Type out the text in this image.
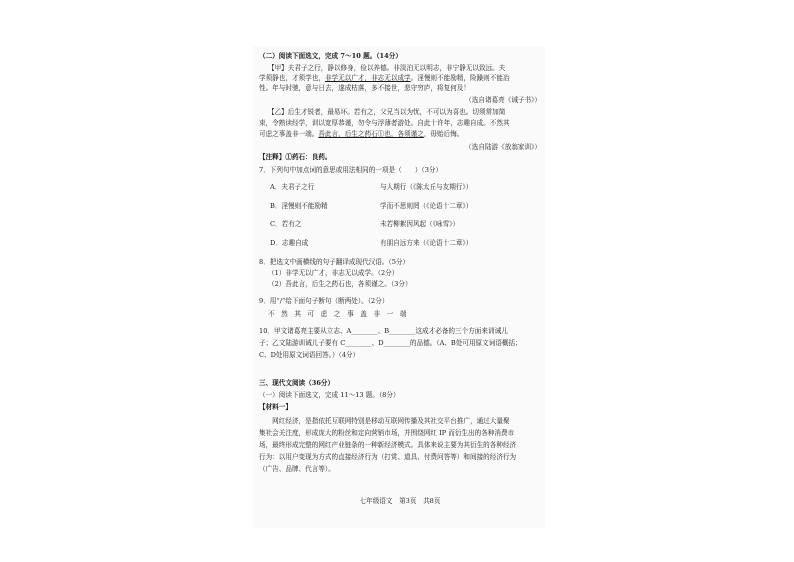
（二）阅读下面选文，完成 7～10 题。（14分）
【甲】夫君子之行，静以修身，俭以养德。非淡泊无以明志，非宁静无以致远。夫
学须静也，才须学也，非学无以广才，非志无以成学。淫慢则不能励精，险躁则不能冶
性。年与时驰，意与日去，遂成枯落，多不接世，悲守穷庐，将复何及！
（选自诸葛亮《诫子书》）
【乙】后生才锐者，最易坏。若有之，父兄当以为忧，不可以为喜也。切须常加简
束，令熟读经学，训以宽厚恭谨，勿令与浮薄者游处。自此十许年，志趣自成。不然其
可虑之事盖非一端。吾此言，后生之药石①也，各须谨之，毋贻后悔。
（选自陆游《放翁家训》）
【注释】①药石：良药。
7．下列句中加点词的意思或用法相同的一项是（　　）（3分）
A．夫君子之行	与人期行（《陈太丘与友期行》）
B．淫慢则不能励精	学而不思则罔（《论语十二章》）
C．若有之	未若柳絮因风起（《咏雪》）
D．志趣自成	有朋自远方来（《论语十二章》）
8．把选文中画横线的句子翻译成现代汉语。（5分）
（1）非学无以广才，非志无以成学。（2分）
（2）吾此言，后生之药石也，各须谨之。（3分）
9．用“/”给下面句子断句（断两处）。（2分）
不　然　其　可　虑　之　事　盖　非　一　端
10．甲文诸葛亮主要从立志、A________、B________这成才必备的三个方面来训诫儿
子；乙文陆游训诫儿子要有 C________、D________的品德。（A、B处可用原文词语概括；
C、D处用原文词语回答。）（4分）
三、现代文阅读（36分）
（一）阅读下面选文，完成 11～13 题。（8分）
【材料一】
　　网红经济，是指依托互联网特别是移动互联网传播及其社交平台推广，通过大量聚
集社会关注度，形成庞大的粉丝和定向营销市场，并围绕网红 IP 而衍生出的各种消费市
场，最终形成完整的网红产业链条的一种新经济模式。具体来说主要为其衍生的各种经济
行为：以用户变现为方式的直接经济行为（打赏、道具、付费问答等）和间接的经济行为
（广告、品牌、代言等）。
七年级语文　第3页　共8页
